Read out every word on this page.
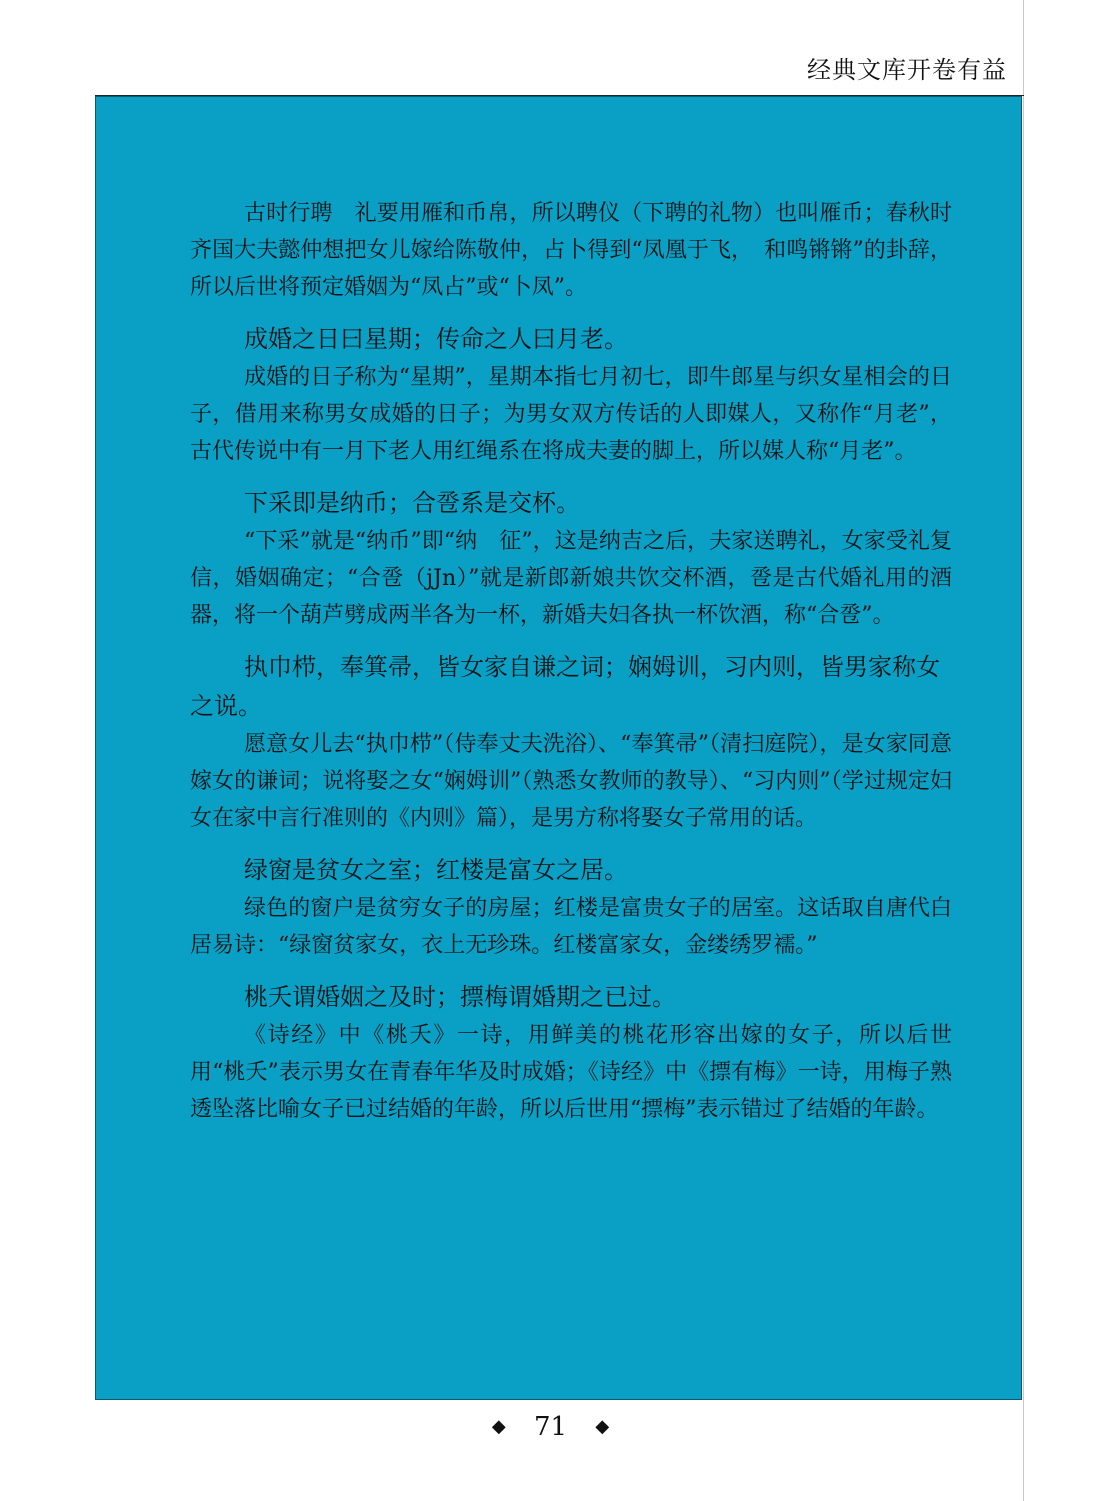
经典文库开卷有益

古时行聘　礼要用雁和币帛，所以聘仪（下聘的礼物）也叫雁币；春秋时齐国大夫懿仲想把女儿嫁给陈敬仲，占卜得到“凤凰于飞，　和鸣锵锵”的卦辞，所以后世将预定婚姻为“凤占”或“卜凤”。

成婚之日曰星期；传命之人曰月老。

成婚的日子称为“星期”，星期本指七月初七，即牛郎星与织女星相会的日子，借用来称男女成婚的日子；为男女双方传话的人即媒人，又称作“月老”，古代传说中有一月下老人用红绳系在将成夫妻的脚上，所以媒人称“月老”。

下采即是纳币；合卺系是交杯。

“下采”就是“纳币”即“纳　征”，这是纳吉之后，夫家送聘礼，女家受礼复信，婚姻确定；“合卺（jJn）”就是新郎新娘共饮交杯酒，卺是古代婚礼用的酒器，将一个葫芦劈成两半各为一杯，新婚夫妇各执一杯饮酒，称“合卺”。

执巾栉，奉箕帚，皆女家自谦之词；娴姆训，习内则，皆男家称女之说。

愿意女儿去“执巾栉”（侍奉丈夫洗浴）、“奉箕帚”（清扫庭院），是女家同意嫁女的谦词；说将娶之女“娴姆训”（熟悉女教师的教导）、“习内则”（学过规定妇女在家中言行准则的《内则》篇），是男方称将娶女子常用的话。

绿窗是贫女之室；红楼是富女之居。

绿色的窗户是贫穷女子的房屋；红楼是富贵女子的居室。这话取自唐代白居易诗：“绿窗贫家女，衣上无珍珠。红楼富家女，金缕绣罗襦。”

桃夭谓婚姻之及时；摽梅谓婚期之已过。

《诗经》中《桃夭》一诗，用鲜美的桃花形容出嫁的女子，所以后世用“桃夭”表示男女在青春年华及时成婚；《诗经》中《摽有梅》一诗，用梅子熟透坠落比喻女子已过结婚的年龄，所以后世用“摽梅”表示错过了结婚的年龄。

◆ 71 ◆
